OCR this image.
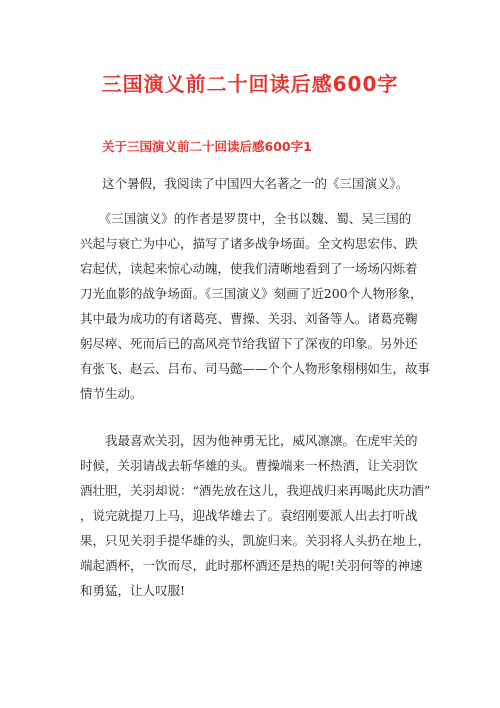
三国演义前二十回读后感600字
关于三国演义前二十回读后感600字1

这个暑假，我阅读了中国四大名著之一的《三国演义》。

　　《三国演义》的作者是罗贯中，全书以魏、蜀、吴三国的
兴起与衰亡为中心，描写了诸多战争场面。全文构思宏伟、跌
宕起伏，读起来惊心动魄，使我们清晰地看到了一场场闪烁着
刀光血影的战争场面。《三国演义》刻画了近200个人物形象，
其中最为成功的有诸葛亮、曹操、关羽、刘备等人。诸葛亮鞠
躬尽瘁、死而后已的高风亮节给我留下了深夜的印象。另外还
有张飞、赵云、吕布、司马懿——个个人物形象栩栩如生，故事
情节生动。

　　我最喜欢关羽，因为他神勇无比，威风凛凛。在虎牢关的
时候，关羽请战去斩华雄的头。曹操端来一杯热酒，让关羽饮
酒壮胆，关羽却说：“酒先放在这儿，我迎战归来再喝此庆功酒”
，说完就提刀上马，迎战华雄去了。袁绍刚要派人出去打听战
果，只见关羽手提华雄的头，凯旋归来。关羽将人头扔在地上，
端起酒杯，一饮而尽，此时那杯酒还是热的呢!关羽何等的神速
和勇猛，让人叹服!
